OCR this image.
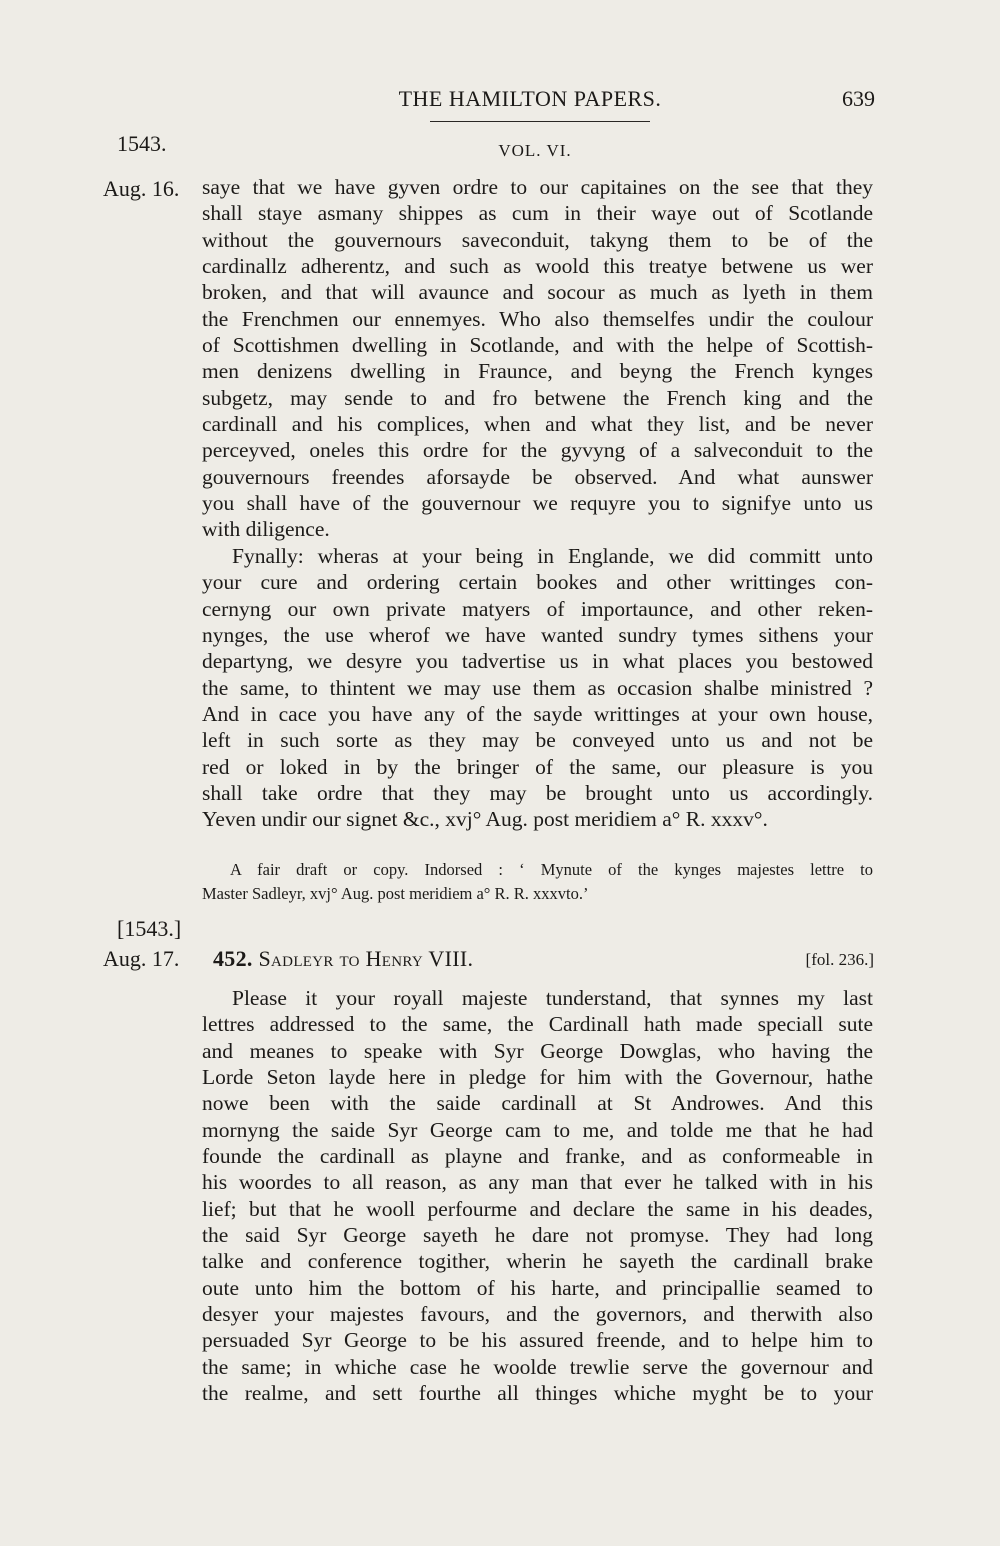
THE HAMILTON PAPERS.	639
1543.	VOL. VI.
Aug. 16. saye that we have gyven ordre to our capitaines on the see that they
shall staye asmany shippes as cum in their waye out of Scotlande
without the gouvernours saveconduit, takyng them to be of the
cardinallz adherentz, and such as woold this treatye betwene us wer
broken, and that will avaunce and socour as much as lyeth in them
the Frenchmen our ennemyes. Who also themselfes undir the coulour
of Scottishmen dwelling in Scotlande, and with the helpe of Scottish-
men denizens dwelling in Fraunce, and beyng the French kynges
subgetz, may sende to and fro betwene the French king and the
cardinall and his complices, when and what they list, and be never
perceyved, oneles this ordre for the gyvyng of a salveconduit to the
gouvernours freendes aforsayde be observed. And what aunswer
you shall have of the gouvernour we requyre you to signifye unto us
with diligence.
Fynally: wheras at your being in Englande, we did committ unto
your cure and ordering certain bookes and other writtinges con-
cernyng our own private matyers of importaunce, and other reken-
nynges, the use wherof we have wanted sundry tymes sithens your
departyng, we desyre you tadvertise us in what places you bestowed
the same, to thintent we may use them as occasion shalbe ministred ?
And in cace you have any of the sayde writtinges at your own house,
left in such sorte as they may be conveyed unto us and not be
red or loked in by the bringer of the same, our pleasure is you
shall take ordre that they may be brought unto us accordingly.
Yeven undir our signet &c., xvj° Aug. post meridiem a° R. xxxv°.
A fair draft or copy. Indorsed : ‘ Mynute of the kynges majestes lettre to
Master Sadleyr, xvj° Aug. post meridiem a° R. R. xxxvto.’
[1543.]
Aug. 17. 452. Sadleyr to Henry VIII.	[fol. 236.]
Please it your royall majeste tunderstand, that synnes my last
lettres addressed to the same, the Cardinall hath made speciall sute
and meanes to speake with Syr George Dowglas, who having the
Lorde Seton layde here in pledge for him with the Governour, hathe
nowe been with the saide cardinall at St Androwes. And this
mornyng the saide Syr George cam to me, and tolde me that he had
founde the cardinall as playne and franke, and as conformeable in
his woordes to all reason, as any man that ever he talked with in his
lief; but that he wooll perfourme and declare the same in his deades,
the said Syr George sayeth he dare not promyse. They had long
talke and conference togither, wherin he sayeth the cardinall brake
oute unto him the bottom of his harte, and principallie seamed to
desyer your majestes favours, and the governors, and therwith also
persuaded Syr George to be his assured freende, and to helpe him to
the same; in whiche case he woolde trewlie serve the governour and
the realme, and sett fourthe all thinges whiche myght be to your
